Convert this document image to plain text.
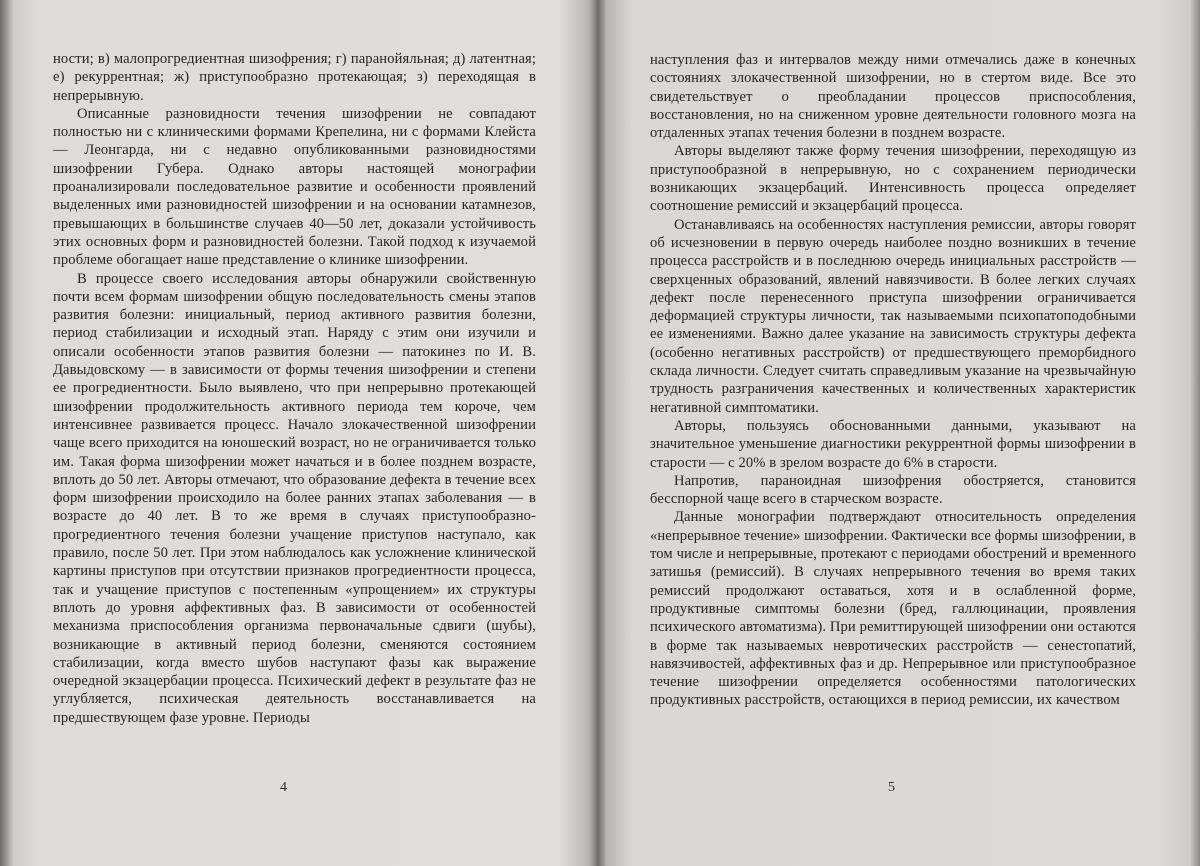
ности; в) малопрогредиентная шизофрения; г) паранойяльная; д) латентная; е) рекуррентная; ж) приступообразно протекающая; з) переходящая в непрерывную.

Описанные разновидности течения шизофрении не совпадают полностью ни с клиническими формами Крепелина, ни с формами Клейста — Леонгарда, ни с недавно опубликованными разновидностями шизофрении Губера. Однако авторы настоящей монографии проанализировали последовательное развитие и особенности проявлений выделенных ими разновидностей шизофрении и на основании катамнезов, превышающих в большинстве случаев 40—50 лет, доказали устойчивость этих основных форм и разновидностей болезни. Такой подход к изучаемой проблеме обогащает наше представление о клинике шизофрении.

В процессе своего исследования авторы обнаружили свойственную почти всем формам шизофрении общую последовательность смены этапов развития болезни: инициальный, период активного развития болезни, период стабилизации и исходный этап. Наряду с этим они изучили и описали особенности этапов развития болезни — патокинез по И. В. Давыдовскому — в зависимости от формы течения шизофрении и степени ее прогредиентности. Было выявлено, что при непрерывно протекающей шизофрении продолжительность активного периода тем короче, чем интенсивнее развивается процесс. Начало злокачественной шизофрении чаще всего приходится на юношеский возраст, но не ограничивается только им. Такая форма шизофрении может начаться и в более позднем возрасте, вплоть до 50 лет. Авторы отмечают, что образование дефекта в течение всех форм шизофрении происходило на более ранних этапах заболевания — в возрасте до 40 лет. В то же время в случаях приступообразно-прогредиентного течения болезни учащение приступов наступало, как правило, после 50 лет. При этом наблюдалось как усложнение клинической картины приступов при отсутствии признаков прогредиентности процесса, так и учащение приступов с постепенным «упрощением» их структуры вплоть до уровня аффективных фаз. В зависимости от особенностей механизма приспособления организма первоначальные сдвиги (шубы), возникающие в активный период болезни, сменяются состоянием стабилизации, когда вместо шубов наступают фазы как выражение очередной экзацербации процесса. Психический дефект в результате фаз не углубляется, психическая деятельность восстанавливается на предшествующем фазе уровне. Периоды

4

наступления фаз и интервалов между ними отмечались даже в конечных состояниях злокачественной шизофрении, но в стертом виде. Все это свидетельствует о преобладании процессов приспособления, восстановления, но на сниженном уровне деятельности головного мозга на отдаленных этапах течения болезни в позднем возрасте.

Авторы выделяют также форму течения шизофрении, переходящую из приступообразной в непрерывную, но с сохранением периодически возникающих экзацербаций. Интенсивность процесса определяет соотношение ремиссий и экзацербаций процесса.

Останавливаясь на особенностях наступления ремиссии, авторы говорят об исчезновении в первую очередь наиболее поздно возникших в течение процесса расстройств и в последнюю очередь инициальных расстройств — сверхценных образований, явлений навязчивости. В более легких случаях дефект после перенесенного приступа шизофрении ограничивается деформацией структуры личности, так называемыми психопатоподобными ее изменениями. Важно далее указание на зависимость структуры дефекта (особенно негативных расстройств) от предшествующего преморбидного склада личности. Следует считать справедливым указание на чрезвычайную трудность разграничения качественных и количественных характеристик негативной симптоматики.

Авторы, пользуясь обоснованными данными, указывают на значительное уменьшение диагностики рекуррентной формы шизофрении в старости — с 20% в зрелом возрасте до 6% в старости.

Напротив, параноидная шизофрения обостряется, становится бесспорной чаще всего в старческом возрасте.

Данные монографии подтверждают относительность определения «непрерывное течение» шизофрении. Фактически все формы шизофрении, в том числе и непрерывные, протекают с периодами обострений и временного затишья (ремиссий). В случаях непрерывного течения во время таких ремиссий продолжают оставаться, хотя и в ослабленной форме, продуктивные симптомы болезни (бред, галлюцинации, проявления психического автоматизма). При ремиттирующей шизофрении они остаются в форме так называемых невротических расстройств — сенестопатий, навязчивостей, аффективных фаз и др. Непрерывное или приступообразное течение шизофрении определяется особенностями патологических продуктивных расстройств, остающихся в период ремиссии, их качеством

5
